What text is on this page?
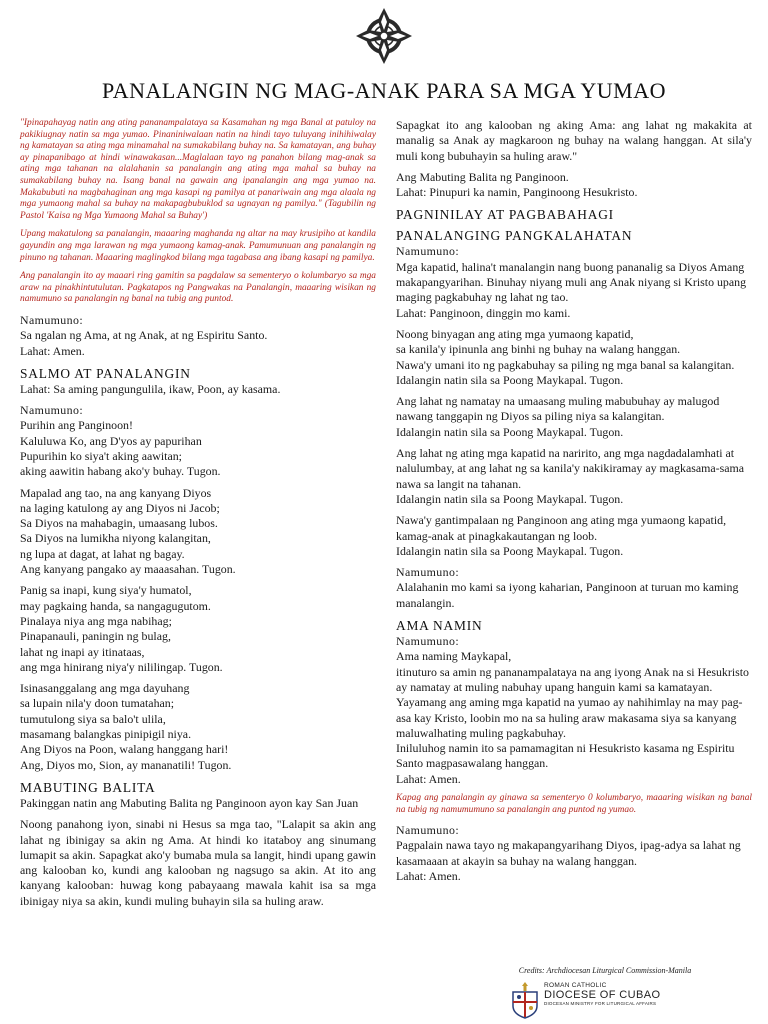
PANALANGIN NG MAG-ANAK PARA SA MGA YUMAO

"Ipinapahayag natin ang ating pananampalataya sa Kasamahan ng mga Banal at patuloy na pakikiugnay natin sa mga yumao. Pinaniniwalaan natin na hindi tayo tuluyang inihihiwalay ng kamatayan sa ating mga minamahal na sumakabilang buhay na. Sa kamatayan, ang buhay ay pinapanibago at hindi winawakasan...Maglalaan tayo ng panahon bilang mag-anak sa ating mga tahanan na alalahanin sa panalangin ang ating mga mahal sa buhay na sumakabilang buhay na. Isang banal na gawain ang ipanalangin ang mga yumao na. Makabubuti na magbahaginan ang mga kasapi ng pamilya at panariwain ang mga alaala ng mga yumaong mahal sa buhay na makapagbubuklod sa ugnayan ng pamilya." (Tagubilin ng Pastol 'Kaisa ng Mga Yumaong Mahal sa Buhay')

Upang makatulong sa panalangin, maaaring maghanda ng altar na may krusipiho at kandila gayundin ang mga larawan ng mga yumaong kamag-anak. Pamumunuan ang panalangin ng pinuno ng tahanan. Maaaring maglingkod bilang mga tagabasa ang ibang kasapi ng pamilya.

Ang panalangin ito ay maaari ring gamitin sa pagdalaw sa sementeryo o kolumbaryo sa mga araw na pinakhintutulutan. Pagkatapos ng Pangwakas na Panalangin, maaaring wisikan ng namumuno sa panalangin ng banal na tubig ang puntod.

Namumuno:

Sa ngalan ng Ama, at ng Anak, at ng Espiritu Santo.

Lahat: Amen.

SALMO AT PANALANGIN

Lahat: Sa aming pangungulila, ikaw, Poon, ay kasama.

Namumuno:

Purihin ang Panginoon!

Kaluluwa Ko, ang D'yos ay papurihan

Pupurihin ko siya't aking aawitan;

aking aawitin habang ako'y buhay. Tugon.

Mapalad ang tao, na ang kanyang Diyos

na laging katulong ay ang Diyos ni Jacob;

Sa Diyos na mahabagin, umaasang lubos.

Sa Diyos na lumikha niyong kalangitan,

ng lupa at dagat, at lahat ng bagay.

Ang kanyang pangako ay maaasahan. Tugon.

Panig sa inapi, kung siya'y humatol,

may pagkaing handa, sa nangagugutom.

Pinalaya niya ang mga nabihag;

Pinapanauli, paningin ng bulag,

lahat ng inapi ay itinataas,

ang mga hinirang niya'y nililingap. Tugon.

Isinasanggalang ang mga dayuhang

sa lupain nila'y doon tumatahan;

tumutulong siya sa balo't ulila,

masamang balangkas pinipigil niya.

Ang Diyos na Poon, walang hanggang hari!

Ang, Diyos mo, Sion, ay mananatili! Tugon.

MABUTING BALITA

Pakinggan natin ang Mabuting Balita ng Panginoon ayon kay San Juan

Noong panahong iyon, sinabi ni Hesus sa mga tao, "Lalapit sa akin ang lahat ng ibinigay sa akin ng Ama. At hindi ko itataboy ang sinumang lumapit sa akin. Sapagkat ako'y bumaba mula sa langit, hindi upang gawin ang kalooban ko, kundi ang kalooban ng nagsugo sa akin. At ito ang kanyang kalooban: huwag kong pabayaang mawala kahit isa sa mga ibinigay niya sa akin, kundi muling buhayin sila sa huling araw.

Sapagkat ito ang kalooban ng aking Ama: ang lahat ng makakita at manalig sa Anak ay magkaroon ng buhay na walang hanggan. At sila'y muli kong bubuhayin sa huling araw."

Ang Mabuting Balita ng Panginoon.

Lahat: Pinupuri ka namin, Panginoong Hesukristo.

PAGNINILAY AT PAGBABAHAGI

PANALANGING PANGKALAHATAN

Namumuno:

Mga kapatid, halina't manalangin nang buong pananalig sa Diyos Amang makapangyarihan. Binuhay niyang muli ang Anak niyang si Kristo upang maging pagkabuhay ng lahat ng tao.

Lahat: Panginoon, dinggin mo kami.

Noong binyagan ang ating mga yumaong kapatid,

sa kanila'y ipinunla ang binhi ng buhay na walang hanggan.

Nawa'y umani ito ng pagkabuhay sa piling ng mga banal sa kalangitan.

Idalangin natin sila sa Poong Maykapal. Tugon.

Ang lahat ng namatay na umaasang muling mabubuhay ay malugod nawang tanggapin ng Diyos sa piling niya sa kalangitan.

Idalangin natin sila sa Poong Maykapal. Tugon.

Ang lahat ng ating mga kapatid na naririto, ang mga nagdadalamhati at nalulumbay, at ang lahat ng sa kanila'y nakikiramay ay magkasama-sama nawa sa langit na tahanan.

Idalangin natin sila sa Poong Maykapal. Tugon.

Nawa'y gantimpalaan ng Panginoon ang ating mga yumaong kapatid, kamag-anak at pinagkakautangan ng loob.

Idalangin natin sila sa Poong Maykapal. Tugon.

Namumuno:

Alalahanin mo kami sa iyong kaharian, Panginoon at turuan mo kaming manalangin.

AMA NAMIN

Namumuno:

Ama naming Maykapal,

itinuturo sa amin ng pananampalataya na ang iyong Anak na si Hesukristo ay namatay at muling nabuhay upang hanguin kami sa kamatayan.

Yayamang ang aming mga kapatid na yumao ay nahihimlay na may pag-asa kay Kristo, loobin mo na sa huling araw makasama siya sa kanyang maluwalhating muling pagkabuhay.

Iniluluhog namin ito sa pamamagitan ni Hesukristo kasama ng Espiritu Santo magpasawalang hanggan.

Lahat: Amen.

Kapag ang panalangin ay ginawa sa sementeryo 0 kolumbaryo, maaaring wisikan ng banal na tubig ng namumumuno sa panalangin ang puntod ng yumao.

Namumuno:

Pagpalain nawa tayo ng makapangyarihang Diyos, ipag-adya sa lahat ng kasamaaan at akayin sa buhay na walang hanggan.

Lahat: Amen.

Credits: Archdiocesan Liturgical Commission-Manila
ROMAN CATHOLIC
DIOCESE OF CUBAO
DIOCESAN MINISTRY FOR LITURGICAL AFFAIRS
